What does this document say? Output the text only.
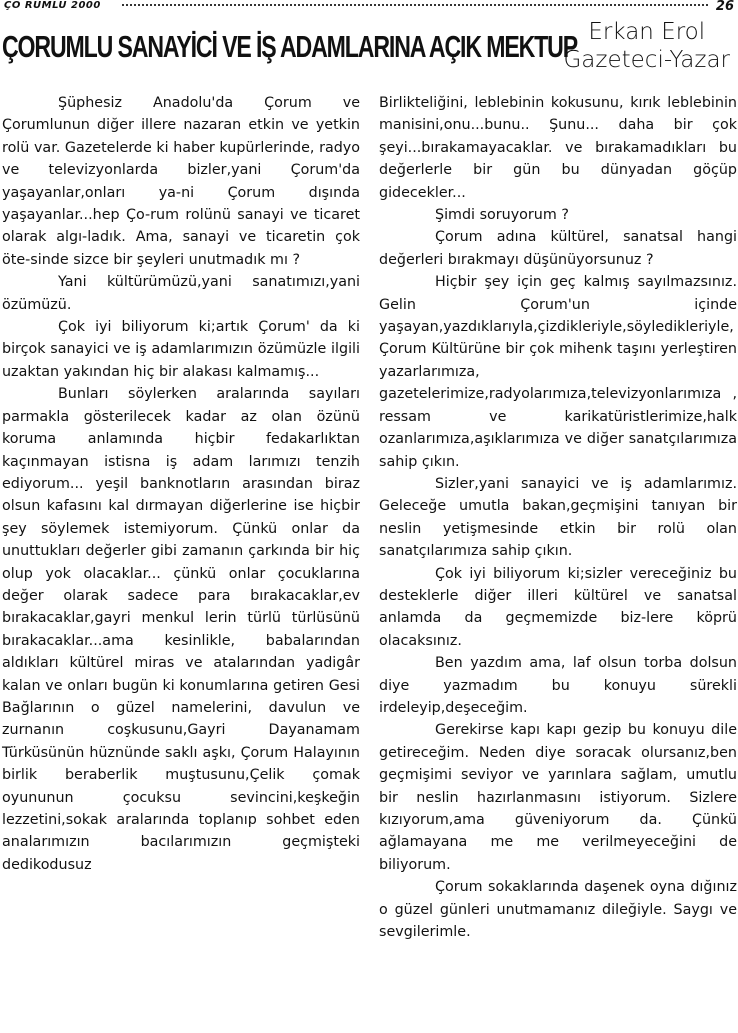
ÇO RUMLU 2000	26
ÇORUMLU SANAYİCİ VE İŞ ADAMLARINA AÇIK MEKTUP Erkan Erol
Gazeteci-Yazar

Şüphesiz Anadolu'da Çorum ve Çorumlunun diğer illere nazaran etkin ve yetkin rolü var. Gazetelerde ki haber kupürlerinde, radyo ve televizyonlarda bizler,yani Çorum'da yaşayanlar,onları ya-ni Çorum dışında yaşayanlar...hep Ço-rum rolünü sanayi ve ticaret olarak algı-ladık. Ama, sanayi ve ticaretin çok öte-sinde sizce bir şeyleri unutmadık mı ?

Yani kültürümüzü,yani sanatımızı,yani özümüzü.

Çok iyi biliyorum ki;artık Çorum' da ki birçok sanayici ve iş adamlarımızın özümüzle ilgili uzaktan yakından hiç bir alakası kalmamış...

Bunları söylerken aralarında sayıları parmakla gösterilecek kadar az olan özünü koruma anlamında hiçbir fedakarlıktan kaçınmayan istisna iş adam larımızı tenzih ediyorum... yeşil banknotların arasından biraz olsun kafasını kal dırmayan diğerlerine ise hiçbir şey söylemek istemiyorum. Çünkü onlar da unuttukları değerler gibi zamanın çarkında bir hiç olup yok olacaklar... çünkü onlar çocuklarına değer olarak sadece para bırakacaklar,ev bırakacaklar,gayri menkul lerin türlü türlüsünü bırakacaklar...ama kesinlikle, babalarından aldıkları kültürel miras ve atalarından yadigâr kalan ve onları bugün ki konumlarına getiren Gesi Bağlarının o güzel namelerini, davulun ve zurnanın coşkusunu,Gayri Dayanamam Türküsünün hüznünde saklı aşkı, Çorum Halayının birlik beraberlik muştusunu,Çelik çomak oyununun çocuksu sevincini,keşkeğin lezzetini,sokak aralarında toplanıp sohbet eden analarımızın bacılarımızın geçmişteki dedikodusuz

Birlikteliğini, leblebinin kokusunu, kırık leblebinin manisini,onu...bunu.. Şunu... daha bir çok şeyi...bırakamayacaklar. ve bırakamadıkları bu değerlerle bir gün bu dünyadan göçüp gidecekler...

Şimdi soruyorum ?

Çorum adına kültürel, sanatsal hangi değerleri bırakmayı düşünüyorsunuz ?

Hiçbir şey için geç kalmış sayılmazsınız. Gelin Çorum'un içinde yaşayan,yazdıklarıyla,çizdikleriyle,söyledikleriyle, Çorum Kültürüne bir çok mihenk taşını yerleştiren yazarlarımıza, gazetelerimize,radyolarımıza,televizyonlarımıza , ressam ve karikatüristlerimize,halk ozanlarımıza,aşıklarımıza ve diğer sanatçılarımıza sahip çıkın.

Sizler,yani sanayici ve iş adamlarımız. Geleceğe umutla bakan,geçmişini tanıyan bir neslin yetişmesinde etkin bir rolü olan sanatçılarımıza sahip çıkın.

Çok iyi biliyorum ki;sizler vereceğiniz bu desteklerle diğer illeri kültürel ve sanatsal anlamda da geçmemizde biz-lere köprü olacaksınız.

Ben yazdım ama, laf olsun torba dolsun diye yazmadım bu konuyu sürekli irdeleyip,deşeceğim.

Gerekirse kapı kapı gezip bu konuyu dile getireceğim. Neden diye soracak olursanız,ben geçmişimi seviyor ve yarınlara sağlam, umutlu bir neslin hazırlanmasını istiyorum. Sizlere kızıyorum,ama güveniyorum da. Çünkü ağlamayana me me verilmeyeceğini de biliyorum.

Çorum sokaklarında daşenek oyna dığınız o güzel günleri unutmamanız dileğiyle. Saygı ve sevgilerimle.
